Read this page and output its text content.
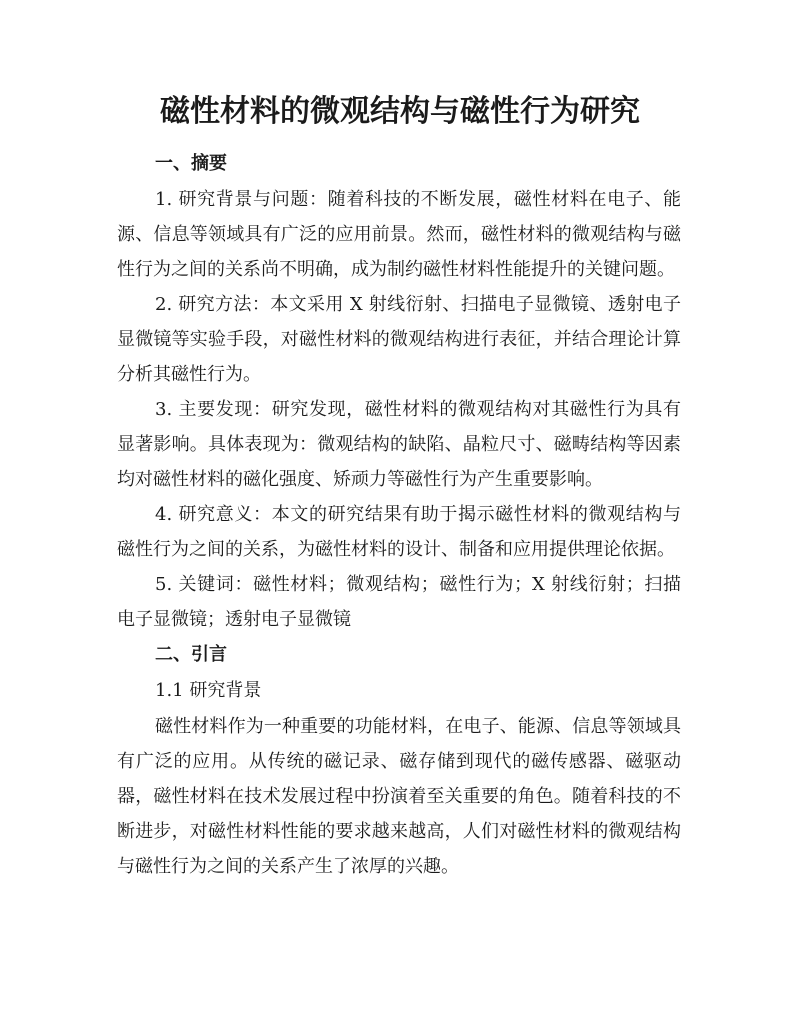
磁性材料的微观结构与磁性行为研究

一、摘要

1. 研究背景与问题：随着科技的不断发展，磁性材料在电子、能源、信息等领域具有广泛的应用前景。然而，磁性材料的微观结构与磁性行为之间的关系尚不明确，成为制约磁性材料性能提升的关键问题。

2. 研究方法：本文采用 X 射线衍射、扫描电子显微镜、透射电子显微镜等实验手段，对磁性材料的微观结构进行表征，并结合理论计算分析其磁性行为。

3. 主要发现：研究发现，磁性材料的微观结构对其磁性行为具有显著影响。具体表现为：微观结构的缺陷、晶粒尺寸、磁畴结构等因素均对磁性材料的磁化强度、矫顽力等磁性行为产生重要影响。

4. 研究意义：本文的研究结果有助于揭示磁性材料的微观结构与磁性行为之间的关系，为磁性材料的设计、制备和应用提供理论依据。

5. 关键词：磁性材料；微观结构；磁性行为；X 射线衍射；扫描电子显微镜；透射电子显微镜

二、引言

1.1 研究背景

磁性材料作为一种重要的功能材料，在电子、能源、信息等领域具有广泛的应用。从传统的磁记录、磁存储到现代的磁传感器、磁驱动器，磁性材料在技术发展过程中扮演着至关重要的角色。随着科技的不断进步，对磁性材料性能的要求越来越高，人们对磁性材料的微观结构与磁性行为之间的关系产生了浓厚的兴趣。
